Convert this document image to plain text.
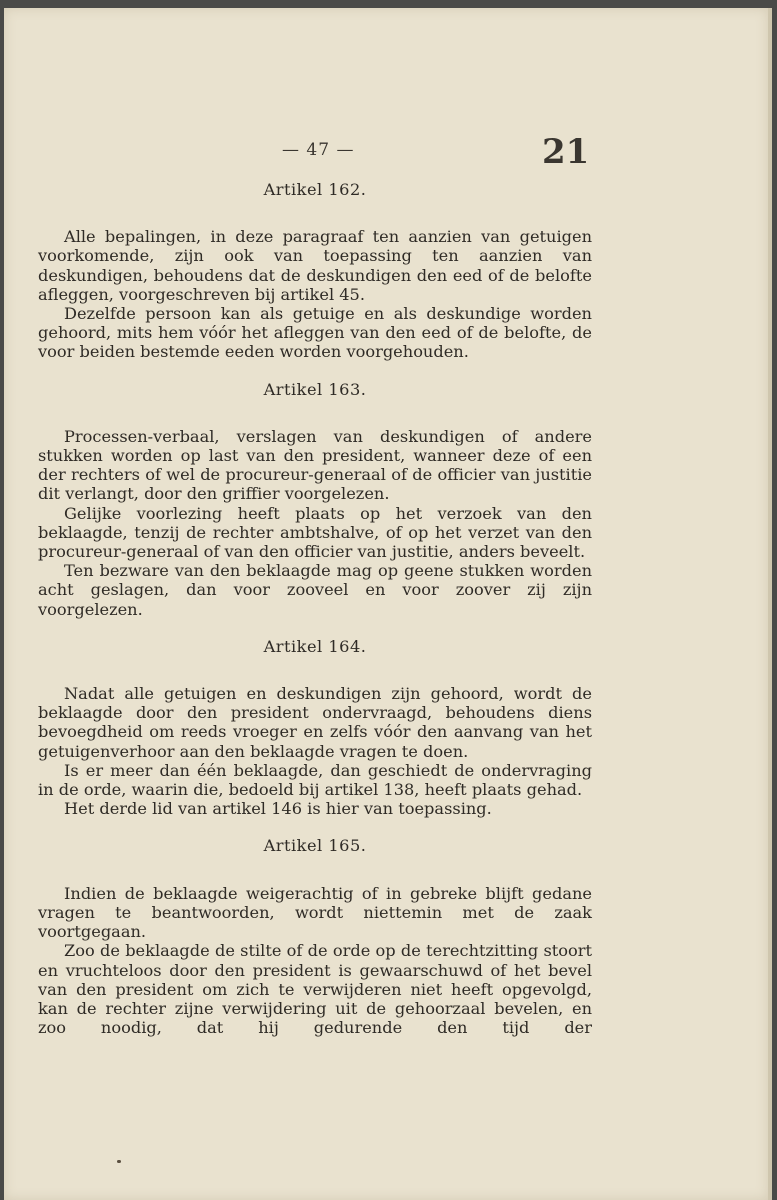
— 47 —	21
Artikel 162.

Alle bepalingen, in deze paragraaf ten aanzien van getuigen voorkomende, zijn ook van toepassing ten aanzien van deskundigen, behoudens dat de deskundigen den eed of de belofte afleggen, voorgeschreven bij artikel 45.

Dezelfde persoon kan als getuige en als deskundige worden gehoord, mits hem vóór het afleggen van den eed of de belofte, de voor beiden bestemde eeden worden voorgehouden.

Artikel 163.

Processen-verbaal, verslagen van deskundigen of andere stukken worden op last van den president, wanneer deze of een der rechters of wel de procureur-generaal of de officier van justitie dit verlangt, door den griffier voorgelezen.

Gelijke voorlezing heeft plaats op het verzoek van den beklaagde, tenzij de rechter ambtshalve, of op het verzet van den procureur-generaal of van den officier van justitie, anders beveelt.

Ten bezware van den beklaagde mag op geene stukken worden acht geslagen, dan voor zooveel en voor zoover zij zijn voorgelezen.

Artikel 164.

Nadat alle getuigen en deskundigen zijn gehoord, wordt de beklaagde door den president ondervraagd, behoudens diens bevoegdheid om reeds vroeger en zelfs vóór den aanvang van het getuigenverhoor aan den beklaagde vragen te doen.

Is er meer dan één beklaagde, dan geschiedt de ondervraging in de orde, waarin die, bedoeld bij artikel 138, heeft plaats gehad.

Het derde lid van artikel 146 is hier van toepassing.

Artikel 165.

Indien de beklaagde weigerachtig of in gebreke blijft gedane vragen te beantwoorden, wordt niettemin met de zaak voortgegaan.

Zoo de beklaagde de stilte of de orde op de terechtzitting stoort en vruchteloos door den president is gewaarschuwd of het bevel van den president om zich te verwijderen niet heeft opgevolgd, kan de rechter zijne verwijdering uit de gehoorzaal bevelen, en zoo noodig, dat hij gedurende den tijd der
